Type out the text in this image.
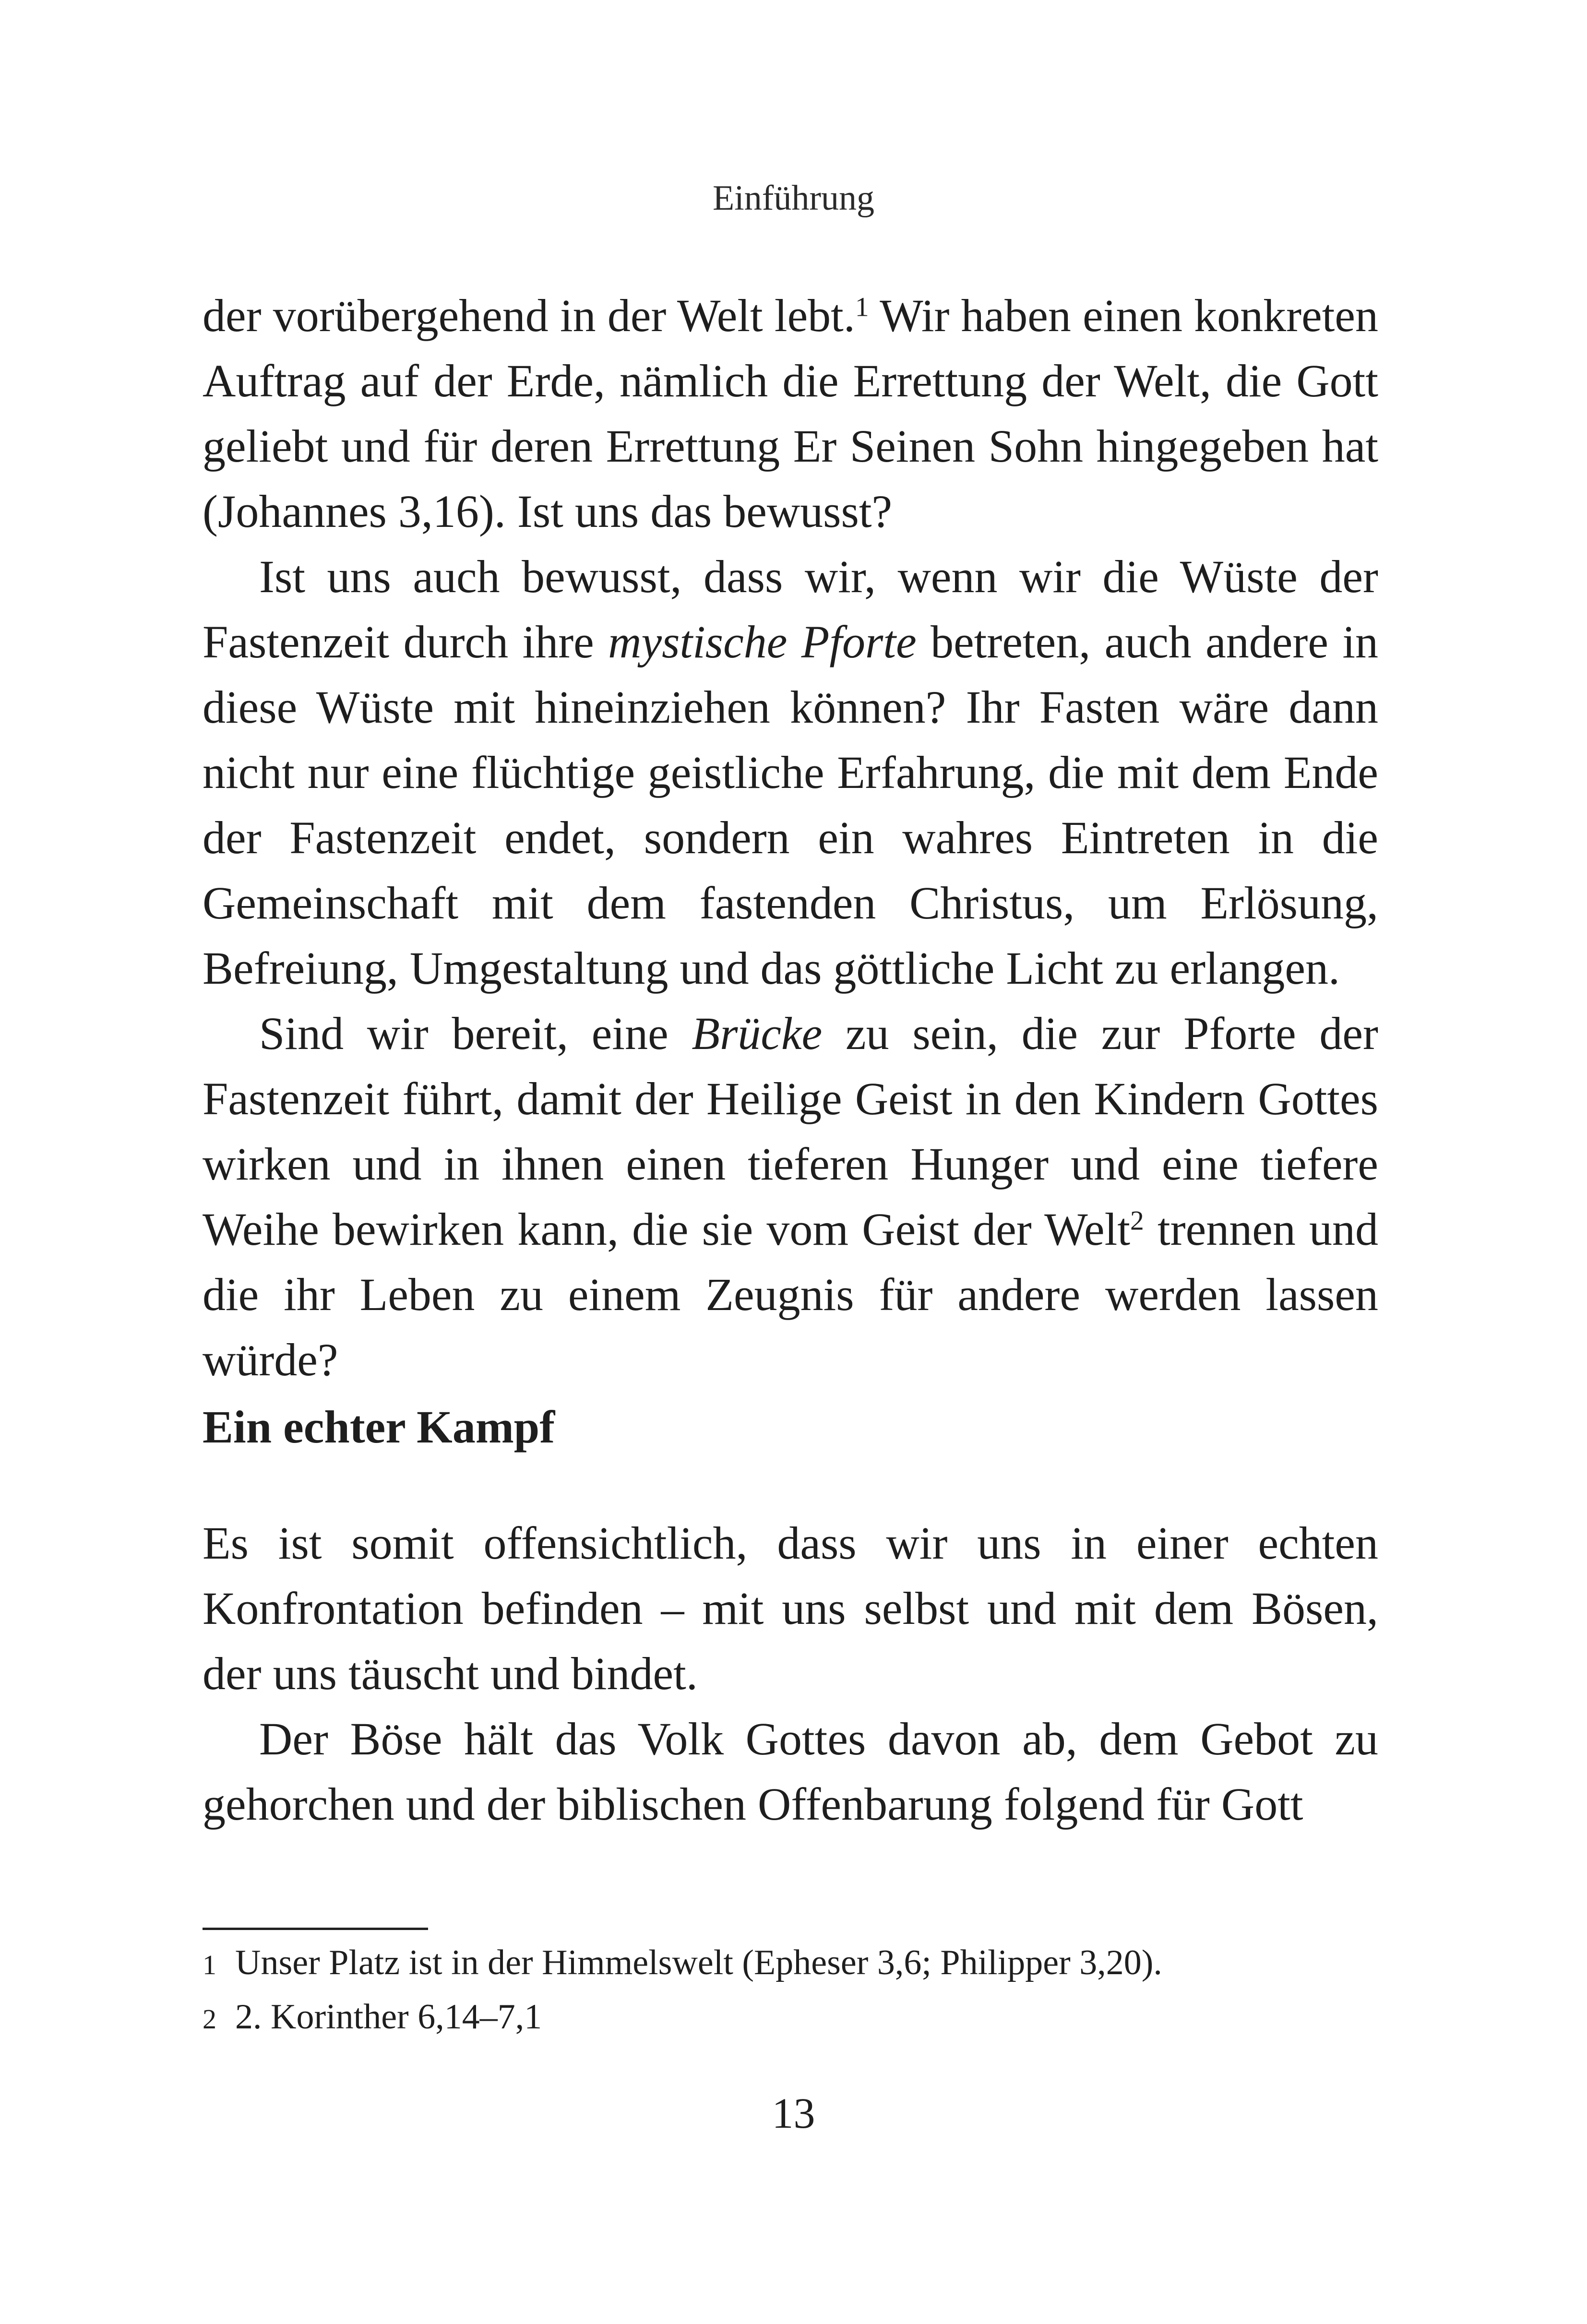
Einführung

der vorübergehend in der Welt lebt.$^1$ Wir haben einen konkreten Auftrag auf der Erde, nämlich die Errettung der Welt, die Gott geliebt und für deren Errettung Er Seinen Sohn hingegeben hat (Johannes 3,16). Ist uns das bewusst?

Ist uns auch bewusst, dass wir, wenn wir die Wüste der Fastenzeit durch ihre mystische Pforte betreten, auch andere in diese Wüste mit hineinziehen können? Ihr Fasten wäre dann nicht nur eine flüchtige geistliche Erfahrung, die mit dem Ende der Fastenzeit endet, sondern ein wahres Eintreten in die Gemeinschaft mit dem fastenden Christus, um Erlösung, Befreiung, Umgestaltung und das göttliche Licht zu erlangen.

Sind wir bereit, eine Brücke zu sein, die zur Pforte der Fastenzeit führt, damit der Heilige Geist in den Kindern Gottes wirken und in ihnen einen tieferen Hunger und eine tiefere Weihe bewirken kann, die sie vom Geist der Welt$^2$ trennen und die ihr Leben zu einem Zeugnis für andere werden lassen würde?

Ein echter Kampf

Es ist somit offensichtlich, dass wir uns in einer echten Konfrontation befinden – mit uns selbst und mit dem Bösen, der uns täuscht und bindet.

Der Böse hält das Volk Gottes davon ab, dem Gebot zu gehorchen und der biblischen Offenbarung folgend für Gott

1 Unser Platz ist in der Himmelswelt (Epheser 3,6; Philipper 3,20).
2 2. Korinther 6,14–7,1
13
